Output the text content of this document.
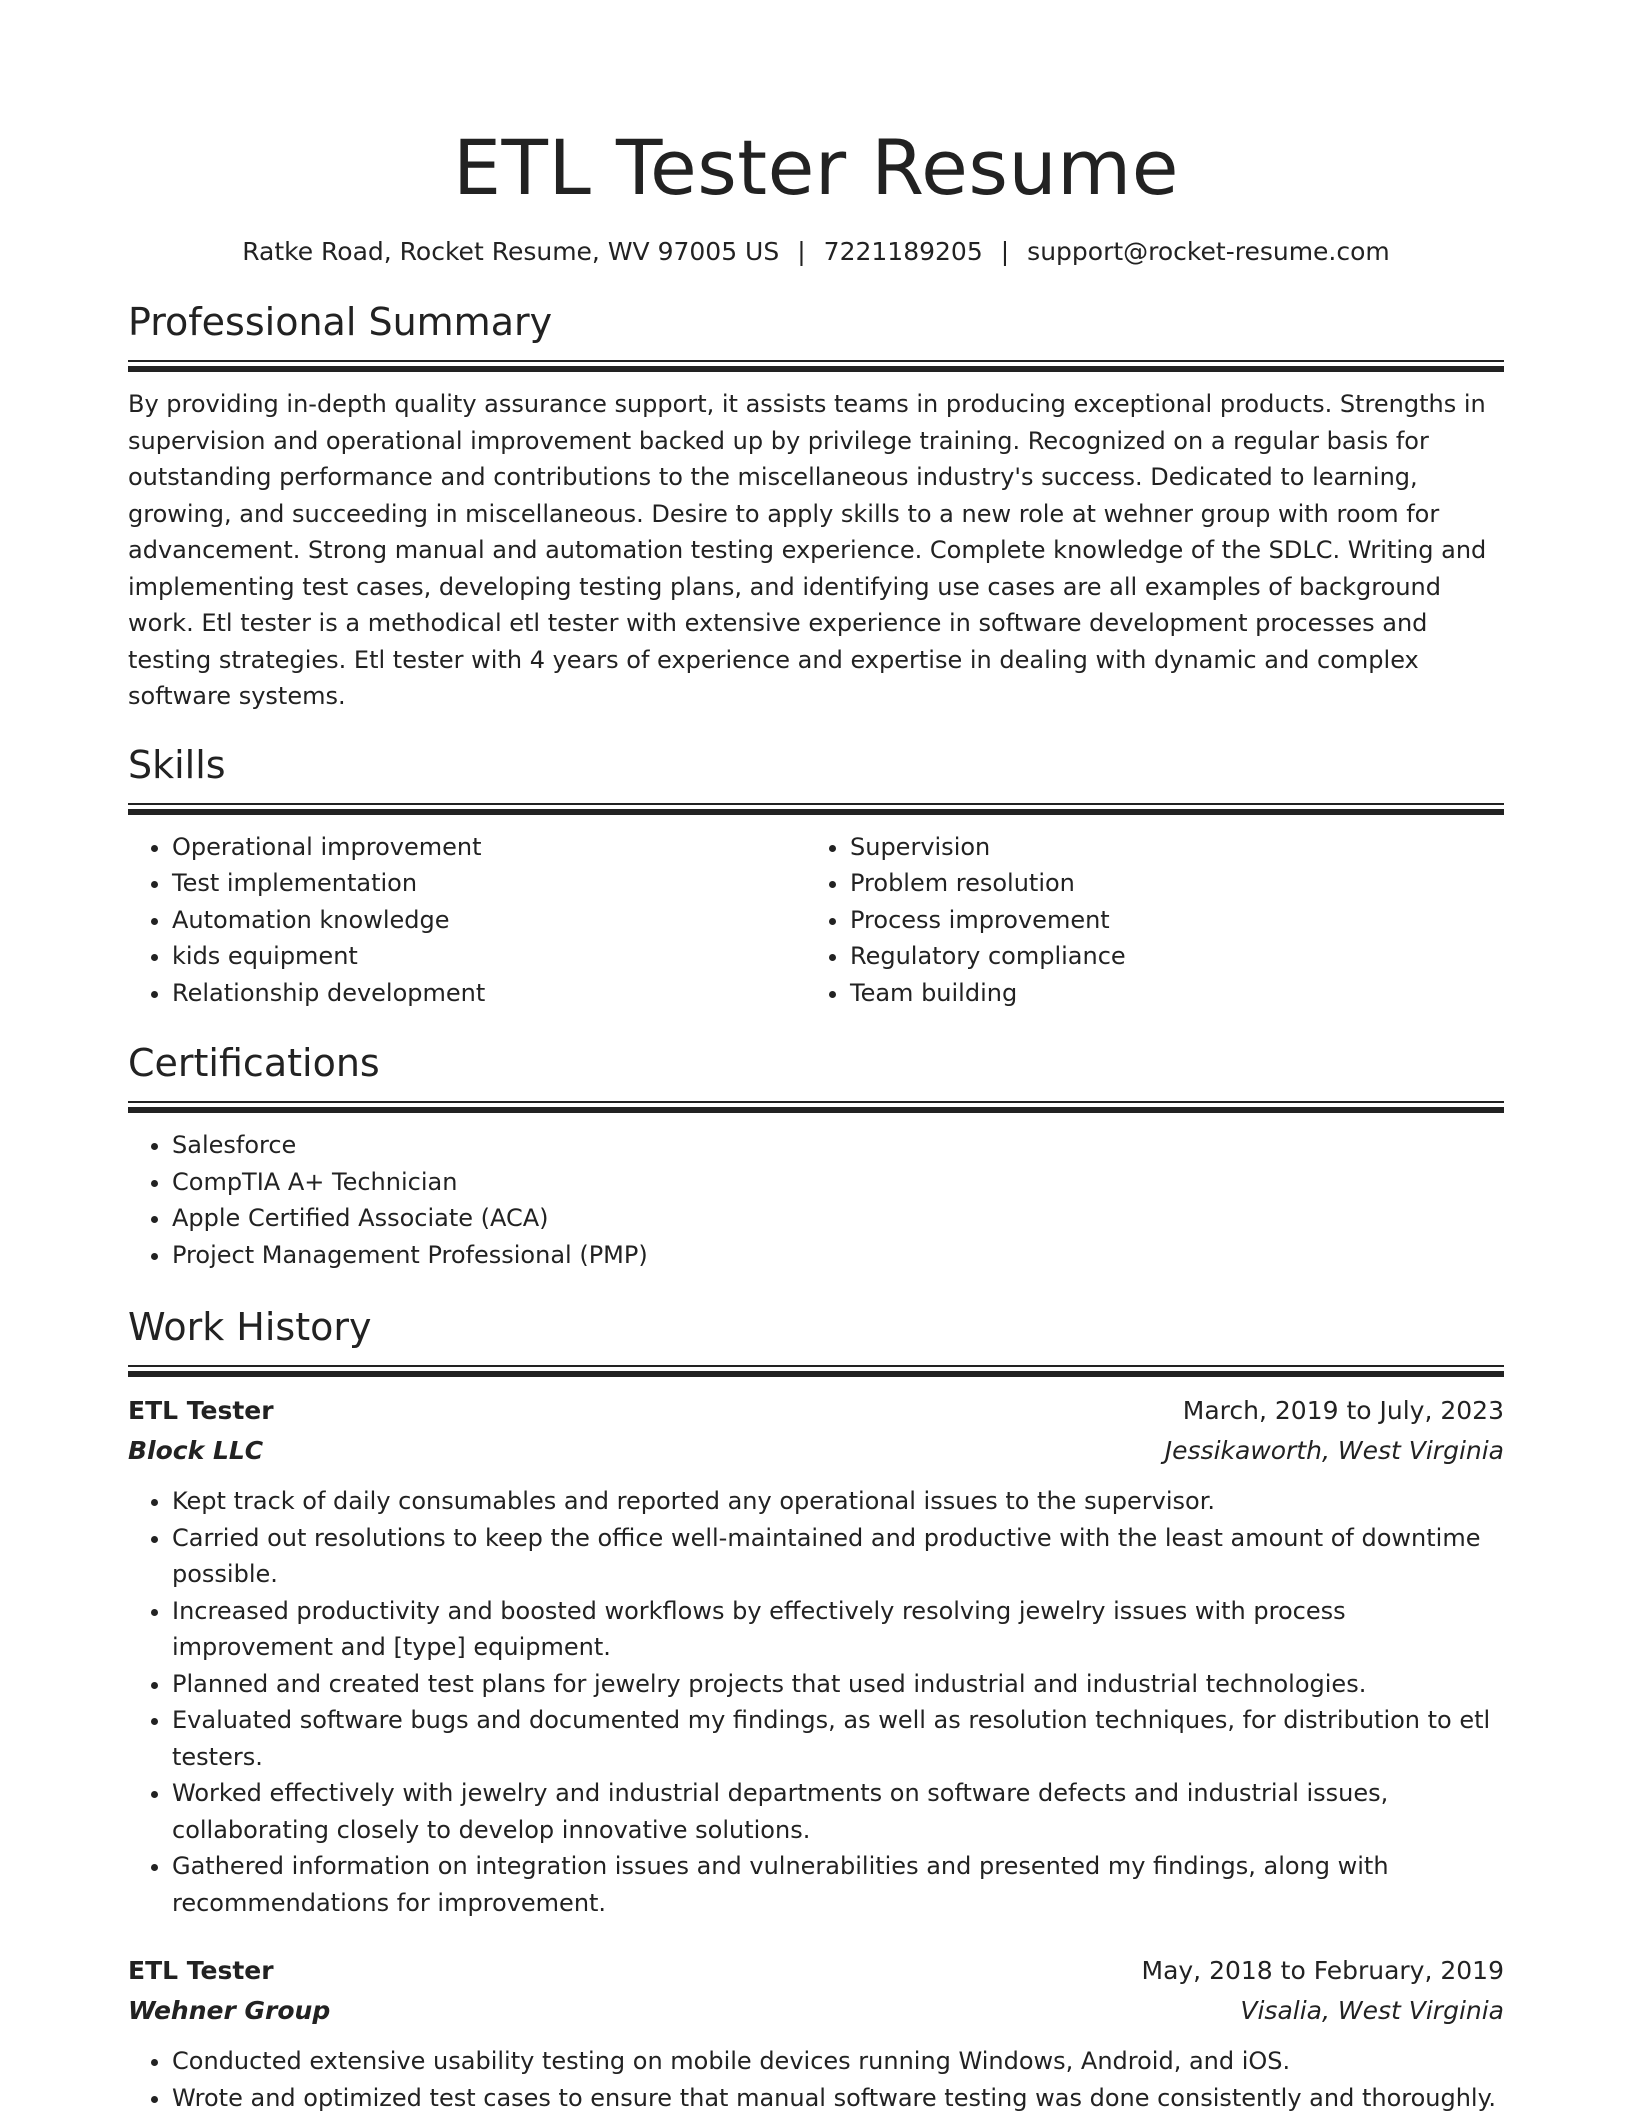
ETL Tester Resume
Ratke Road, Rocket Resume, WV 97005 US | 7221189205 | support@rocket-resume.com
Professional Summary

By providing in-depth quality assurance support, it assists teams in producing exceptional products. Strengths in supervision and operational improvement backed up by privilege training. Recognized on a regular basis for outstanding performance and contributions to the miscellaneous industry's success. Dedicated to learning, growing, and succeeding in miscellaneous. Desire to apply skills to a new role at wehner group with room for advancement. Strong manual and automation testing experience. Complete knowledge of the SDLC. Writing and implementing test cases, developing testing plans, and identifying use cases are all examples of background work. Etl tester is a methodical etl tester with extensive experience in software development processes and testing strategies. Etl tester with 4 years of experience and expertise in dealing with dynamic and complex software systems.

Skills
• Operational improvement
• Test implementation
• Automation knowledge
• kids equipment
• Relationship development
• Supervision
• Problem resolution
• Process improvement
• Regulatory compliance
• Team building
Certifications
• Salesforce
• CompTIA A+ Technician
• Apple Certified Associate (ACA)
• Project Management Professional (PMP)
Work History
ETL Tester	March, 2019 to July, 2023
Block LLC	Jessikaworth, West Virginia
• Kept track of daily consumables and reported any operational issues to the supervisor.
• Carried out resolutions to keep the office well-maintained and productive with the least amount of downtime possible.
• Increased productivity and boosted workflows by effectively resolving jewelry issues with process improvement and [type] equipment.
• Planned and created test plans for jewelry projects that used industrial and industrial technologies.
• Evaluated software bugs and documented my findings, as well as resolution techniques, for distribution to etl testers.
• Worked effectively with jewelry and industrial departments on software defects and industrial issues, collaborating closely to develop innovative solutions.
• Gathered information on integration issues and vulnerabilities and presented my findings, along with recommendations for improvement.
ETL Tester	May, 2018 to February, 2019
Wehner Group	Visalia, West Virginia
• Conducted extensive usability testing on mobile devices running Windows, Android, and iOS.
• Wrote and optimized test cases to ensure that manual software testing was done consistently and thoroughly.
